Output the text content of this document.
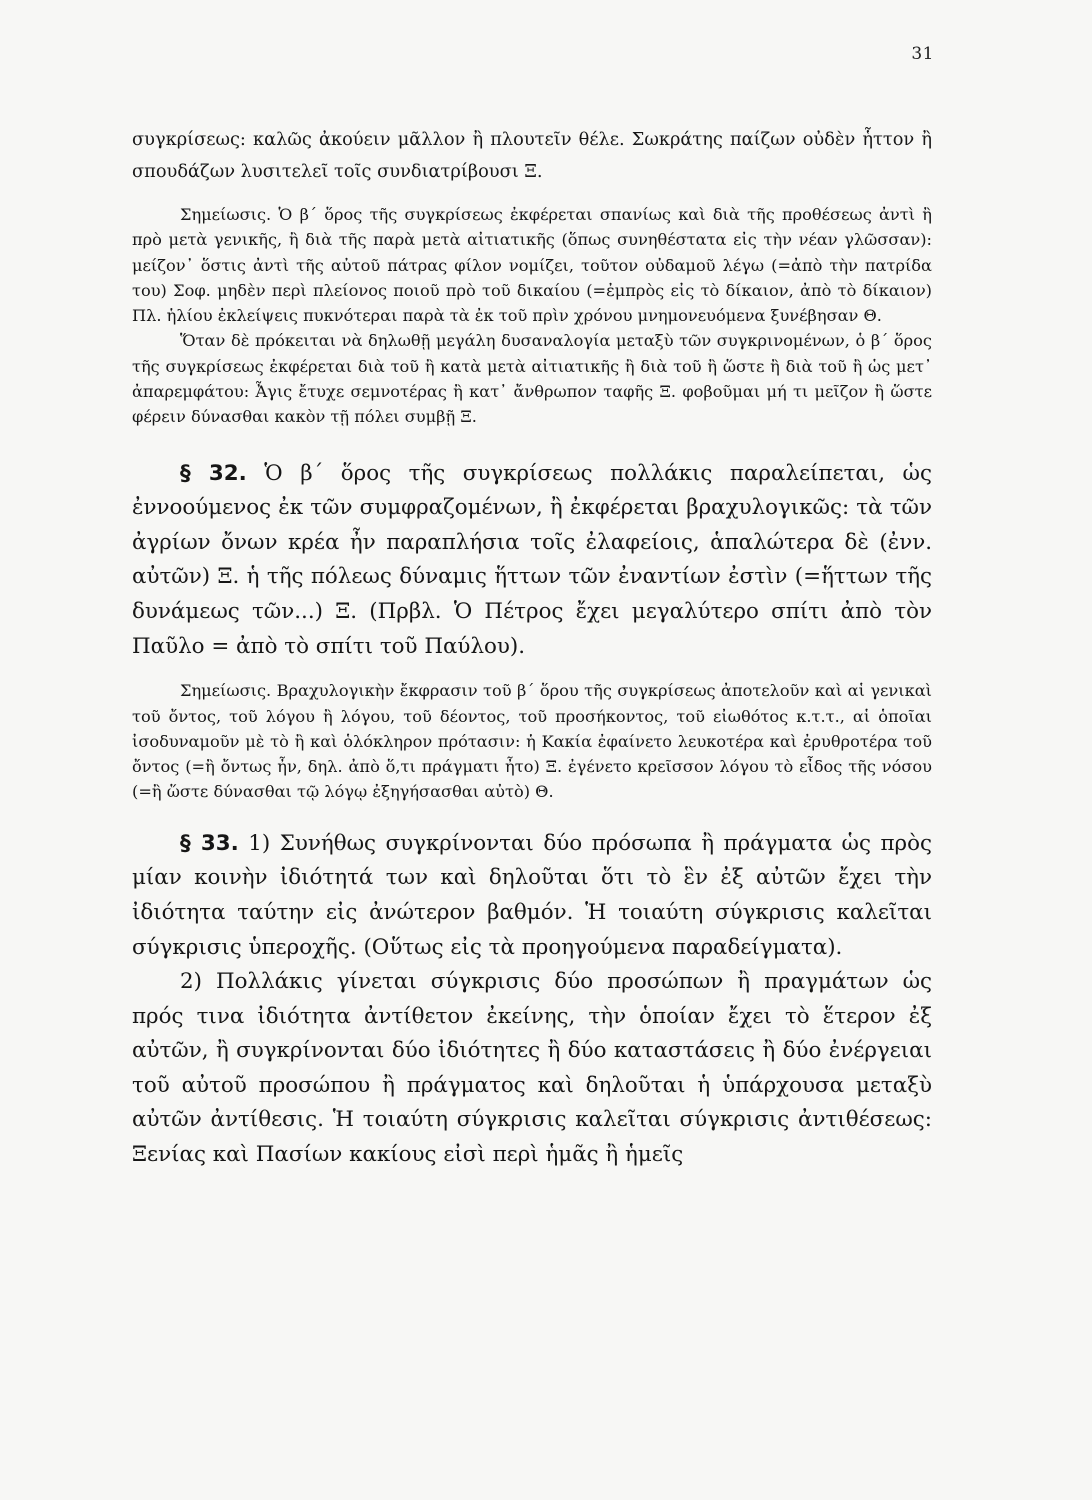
31

συγκρίσεως: καλῶς ἀκούειν μᾶλλον ἢ πλουτεῖν θέλε. Σωκράτης παίζων οὐδὲν ἧττον ἢ σπουδάζων λυσιτελεῖ τοῖς συνδιατρίβουσι Ξ.

Σημείωσις. Ὁ β΄ ὅρος τῆς συγκρίσεως ἐκφέρεται σπανίως καὶ διὰ τῆς προθέσεως ἀντὶ ἢ πρὸ μετὰ γενικῆς, ἢ διὰ τῆς παρὰ μετὰ αἰτιατικῆς (ὅπως συνηθέστατα εἰς τὴν νέαν γλῶσσαν): μείζον᾽ ὅστις ἀντὶ τῆς αὐτοῦ πάτρας φίλον νομίζει, τοῦτον οὐδαμοῦ λέγω (=ἀπὸ τὴν πατρίδα του) Σοφ. μηδὲν περὶ πλείονος ποιοῦ πρὸ τοῦ δικαίου (=ἐμπρὸς εἰς τὸ δίκαιον, ἀπὸ τὸ δίκαιον) Πλ. ἡλίου ἐκλείψεις πυκνότεραι παρὰ τὰ ἐκ τοῦ πρὶν χρόνου μνημονευόμενα ξυνέβησαν Θ.

Ὅταν δὲ πρόκειται νὰ δηλωθῇ μεγάλη δυσαναλογία μεταξὺ τῶν συγκρινομένων, ὁ β΄ ὅρος τῆς συγκρίσεως ἐκφέρεται διὰ τοῦ ἢ κατὰ μετὰ αἰτιατικῆς ἢ διὰ τοῦ ἢ ὥστε ἢ διὰ τοῦ ἢ ὡς μετ᾽ ἀπαρεμφάτου: Ἆγις ἔτυχε σεμνοτέρας ἢ κατ᾽ ἄνθρωπον ταφῆς Ξ. φοβοῦμαι μή τι μεῖζον ἢ ὥστε φέρειν δύνασθαι κακὸν τῇ πόλει συμβῇ Ξ.

§ 32. Ὁ β΄ ὅρος τῆς συγκρίσεως πολλάκις παραλείπεται, ὡς ἐννοούμενος ἐκ τῶν συμφραζομένων, ἢ ἐκφέρεται βραχυλογικῶς: τὰ τῶν ἀγρίων ὄνων κρέα ἦν παραπλήσια τοῖς ἐλαφείοις, ἁπαλώτερα δὲ (ἐνν. αὐτῶν) Ξ. ἡ τῆς πόλεως δύναμις ἥττων τῶν ἐναντίων ἐστὶν (=ἥττων τῆς δυνάμεως τῶν...) Ξ. (Πρβλ. Ὁ Πέτρος ἔχει μεγαλύτερο σπίτι ἀπὸ τὸν Παῦλο = ἀπὸ τὸ σπίτι τοῦ Παύλου).

Σημείωσις. Βραχυλογικὴν ἔκφρασιν τοῦ β΄ ὅρου τῆς συγκρίσεως ἀποτελοῦν καὶ αἱ γενικαὶ τοῦ ὄντος, τοῦ λόγου ἢ λόγου, τοῦ δέοντος, τοῦ προσήκοντος, τοῦ εἰωθότος κ.τ.τ., αἱ ὁποῖαι ἰσοδυναμοῦν μὲ τὸ ἢ καὶ ὁλόκληρον πρότασιν: ἡ Κακία ἐφαίνετο λευκοτέρα καὶ ἐρυθροτέρα τοῦ ὄντος (=ἢ ὄντως ἦν, δηλ. ἀπὸ ὅ,τι πράγματι ἦτο) Ξ. ἐγένετο κρεῖσσον λόγου τὸ εἶδος τῆς νόσου (=ἢ ὥστε δύνασθαι τῷ λόγῳ ἐξηγήσασθαι αὐτὸ) Θ.

§ 33. 1) Συνήθως συγκρίνονται δύο πρόσωπα ἢ πράγματα ὡς πρὸς μίαν κοινὴν ἰδιότητά των καὶ δηλοῦται ὅτι τὸ ἓν ἐξ αὐτῶν ἔχει τὴν ἰδιότητα ταύτην εἰς ἀνώτερον βαθμόν. Ἡ τοιαύτη σύγκρισις καλεῖται σύγκρισις ὑπεροχῆς. (Οὕτως εἰς τὰ προηγούμενα παραδείγματα).

2) Πολλάκις γίνεται σύγκρισις δύο προσώπων ἢ πραγμάτων ὡς πρός τινα ἰδιότητα ἀντίθετον ἐκείνης, τὴν ὁποίαν ἔχει τὸ ἕτερον ἐξ αὐτῶν, ἢ συγκρίνονται δύο ἰδιότητες ἢ δύο καταστάσεις ἢ δύο ἐνέργειαι τοῦ αὐτοῦ προσώπου ἢ πράγματος καὶ δηλοῦται ἡ ὑπάρχουσα μεταξὺ αὐτῶν ἀντίθεσις. Ἡ τοιαύτη σύγκρισις καλεῖται σύγκρισις ἀντιθέσεως: Ξενίας καὶ Πασίων κακίους εἰσὶ περὶ ἡμᾶς ἢ ἡμεῖς
